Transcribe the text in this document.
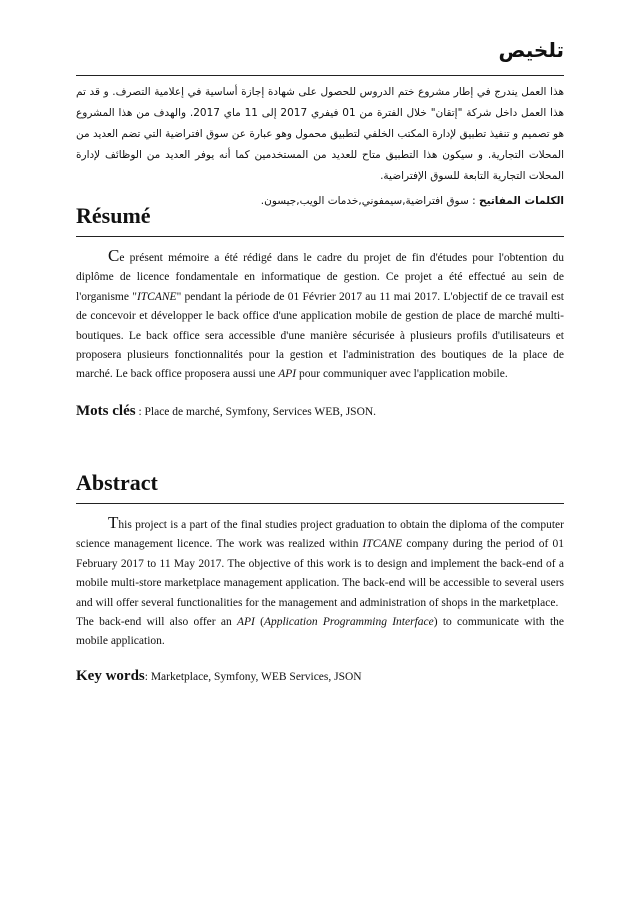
تلخيص
هذا العمل يندرج في إطار مشروع ختم الدروس للحصول على شهادة إجازة أساسية في إعلامية التصرف. و قد تم هذا العمل داخل شركة "إتقان" خلال الفترة من 01 فيفري 2017 إلى 11 ماي 2017. والهدف من هذا المشروع هو تصميم و تنفيذ تطبيق لإدارة المكتب الخلفي لتطبيق محمول وهو عبارة عن سوق افتراضية التي تضم العديد من المحلات التجارية. و سيكون هذا التطبيق متاح للعديد من المستخدمين كما أنه يوفر العديد من الوظائف لإدارة المحلات التجارية التابعة للسوق الإفتراضية.
الكلمات المفاتيح : سوق افتراضية,سيمفوني,خدمات الويب,جيسون.
Résumé

Ce présent mémoire a été rédigé dans le cadre du projet de fin d'études pour l'obtention du diplôme de licence fondamentale en informatique de gestion. Ce projet a été effectué au sein de l'organisme "ITCANE" pendant la période de 01 Février 2017 au 11 mai 2017. L'objectif de ce travail est de concevoir et développer le back office d'une application mobile de gestion de place de marché multi-boutiques. Le back office sera accessible d'une manière sécurisée à plusieurs profils d'utilisateurs et proposera plusieurs fonctionnalités pour la gestion et l'administration des boutiques de la place de marché. Le back office proposera aussi une API pour communiquer avec l'application mobile.

Mots clés : Place de marché, Symfony, Services WEB, JSON.
Abstract

This project is a part of the final studies project graduation to obtain the diploma of the computer science management licence. The work was realized within ITCANE company during the period of 01 February 2017 to 11 May 2017. The objective of this work is to design and implement the back-end of a mobile multi-store marketplace management application. The back-end will be accessible to several users and will offer several functionalities for the management and administration of shops in the marketplace.

The back-end will also offer an API (Application Programming Interface) to communicate with the mobile application.

Key words: Marketplace, Symfony, WEB Services, JSON
